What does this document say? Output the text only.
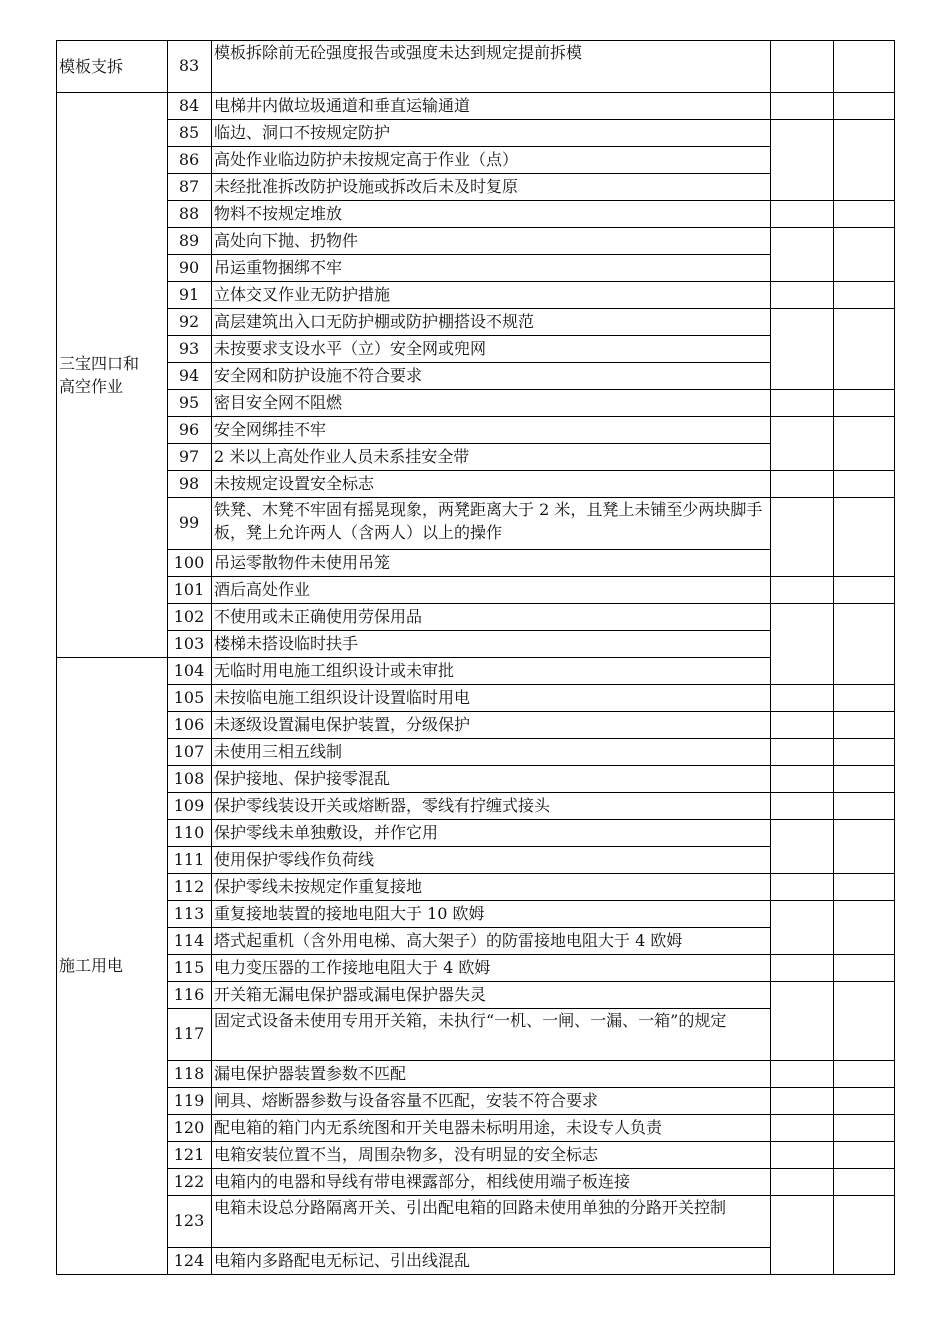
83
模板拆除前无砼强度报告或强度未达到规定提前拆模
84 电梯井内做垃圾通道和垂直运输通道
85 临边、洞口不按规定防护
86 高处作业临边防护未按规定高于作业（点）
87 未经批准拆改防护设施或拆改后未及时复原
88 物料不按规定堆放
89 高处向下抛、扔物件
90 吊运重物捆绑不牢
91 立体交叉作业无防护措施
92 高层建筑出入口无防护棚或防护棚搭设不规范
93 未按要求支设水平（立）安全网或兜网
94 安全网和防护设施不符合要求
95 密目安全网不阻燃
96 安全网绑挂不牢
97 2 米以上高处作业人员未系挂安全带
98 未按规定设置安全标志
99
铁凳、木凳不牢固有摇晃现象，两凳距离大于 2 米，且凳上未铺至少两块脚手板，凳上允许两人（含两人）以上的操作
100 吊运零散物件未使用吊笼
101 酒后高处作业
102 不使用或未正确使用劳保用品
103 楼梯未搭设临时扶手
104 无临时用电施工组织设计或未审批
105 未按临电施工组织设计设置临时用电
106 未逐级设置漏电保护装置，分级保护
107 未使用三相五线制
108 保护接地、保护接零混乱
109 保护零线装设开关或熔断器，零线有拧缠式接头
110 保护零线未单独敷设，并作它用
111 使用保护零线作负荷线
112 保护零线未按规定作重复接地
113 重复接地装置的接地电阻大于 10 欧姆
114 塔式起重机（含外用电梯、高大架子）的防雷接地电阻大于 4 欧姆
115 电力变压器的工作接地电阻大于 4 欧姆
116 开关箱无漏电保护器或漏电保护器失灵
117
固定式设备未使用专用开关箱，未执行“一机、一闸、一漏、一箱”的规定
118 漏电保护器装置参数不匹配
119 闸具、熔断器参数与设备容量不匹配，安装不符合要求
120 配电箱的箱门内无系统图和开关电器未标明用途，未设专人负责
121 电箱安装位置不当，周围杂物多，没有明显的安全标志
122 电箱内的电器和导线有带电裸露部分，相线使用端子板连接
123
电箱未设总分路隔离开关、引出配电箱的回路未使用单独的分路开关控制
124 电箱内多路配电无标记、引出线混乱
模板支拆
三宝四口和
高空作业
施工用电
